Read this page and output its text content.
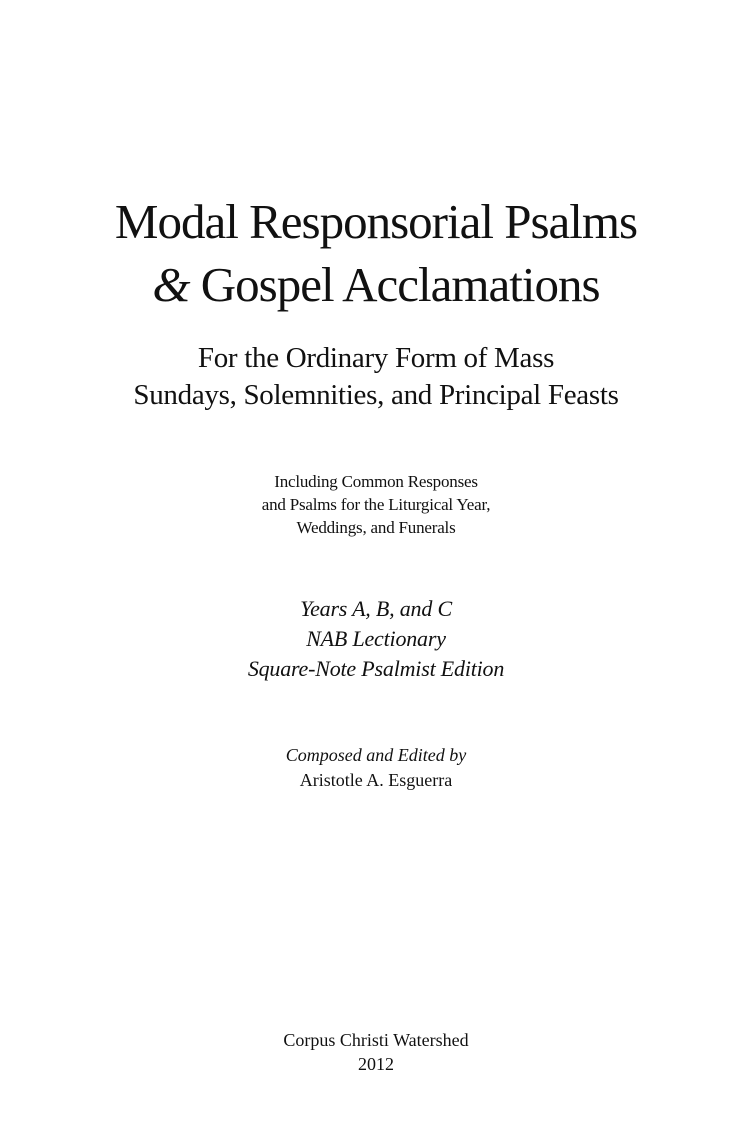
Modal Responsorial Psalms
& Gospel Acclamations
For the Ordinary Form of Mass
Sundays, Solemnities, and Principal Feasts
Including Common Responses
and Psalms for the Liturgical Year,
Weddings, and Funerals
Years A, B, and C
NAB Lectionary
Square-Note Psalmist Edition
Composed and Edited by
Aristotle A. Esguerra
Corpus Christi Watershed
2012
